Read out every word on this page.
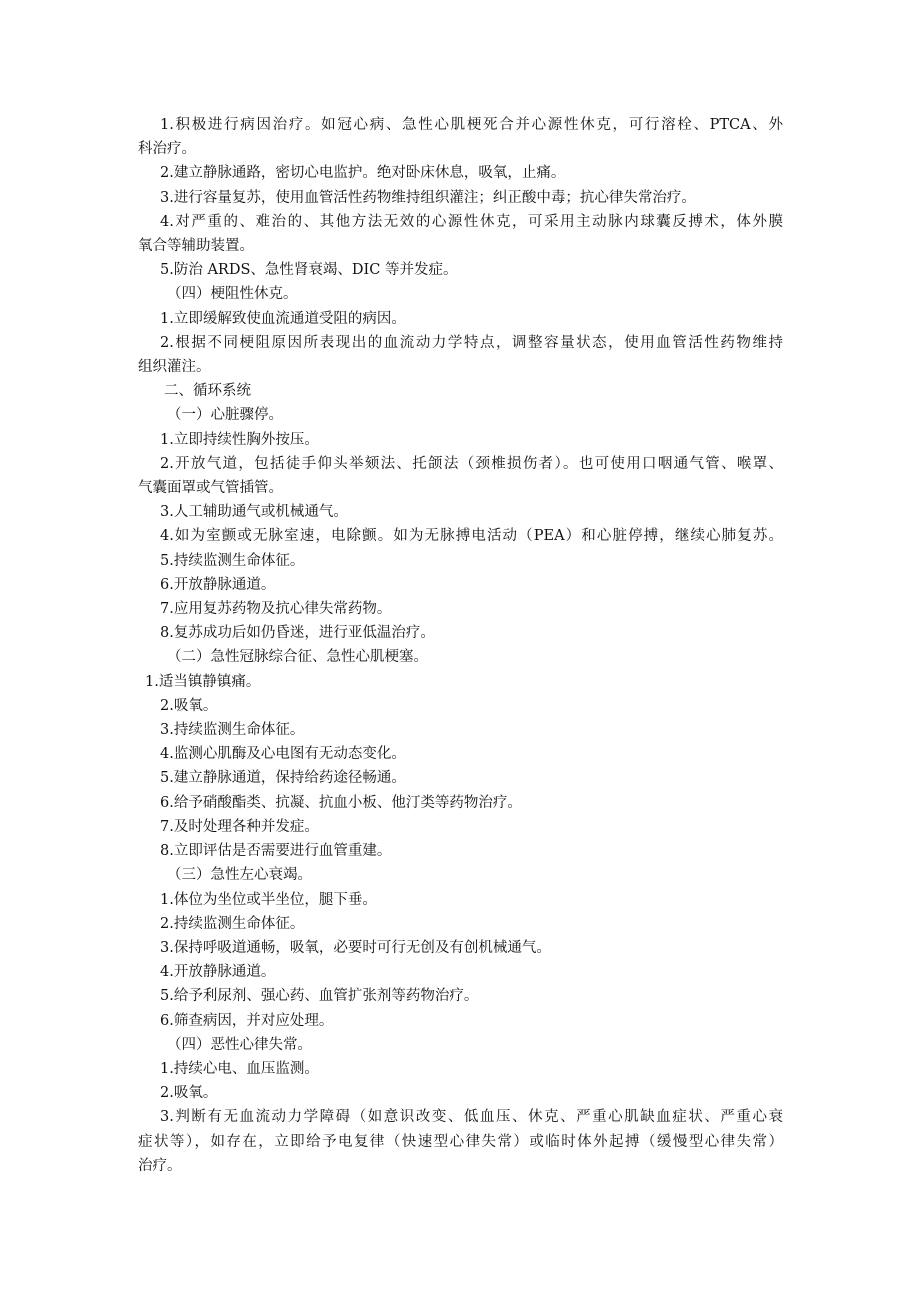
1.积极进行病因治疗。如冠心病、急性心肌梗死合并心源性休克，可行溶栓、PTCA、外
科治疗。
2.建立静脉通路，密切心电监护。绝对卧床休息，吸氧，止痛。
3.进行容量复苏，使用血管活性药物维持组织灌注；纠正酸中毒；抗心律失常治疗。
4.对严重的、难治的、其他方法无效的心源性休克，可采用主动脉内球囊反搏术，体外膜
氧合等辅助装置。
5.防治 ARDS、急性肾衰竭、DIC 等并发症。
（四）梗阻性休克。
1.立即缓解致使血流通道受阻的病因。
2.根据不同梗阻原因所表现出的血流动力学特点，调整容量状态，使用血管活性药物维持
组织灌注。
二、循环系统
（一）心脏骤停。
1.立即持续性胸外按压。
2.开放气道，包括徒手仰头举颏法、托颌法（颈椎损伤者）。也可使用口咽通气管、喉罩、
气囊面罩或气管插管。
3.人工辅助通气或机械通气。
4.如为室颤或无脉室速，电除颤。如为无脉搏电活动（PEA）和心脏停搏，继续心肺复苏。
5.持续监测生命体征。
6.开放静脉通道。
7.应用复苏药物及抗心律失常药物。
8.复苏成功后如仍昏迷，进行亚低温治疗。
（二）急性冠脉综合征、急性心肌梗塞。
1.适当镇静镇痛。
2.吸氧。
3.持续监测生命体征。
4.监测心肌酶及心电图有无动态变化。
5.建立静脉通道，保持给药途径畅通。
6.给予硝酸酯类、抗凝、抗血小板、他汀类等药物治疗。
7.及时处理各种并发症。
8.立即评估是否需要进行血管重建。
（三）急性左心衰竭。
1.体位为坐位或半坐位，腿下垂。
2.持续监测生命体征。
3.保持呼吸道通畅，吸氧，必要时可行无创及有创机械通气。
4.开放静脉通道。
5.给予利尿剂、强心药、血管扩张剂等药物治疗。
6.筛查病因，并对应处理。
（四）恶性心律失常。
1.持续心电、血压监测。
2.吸氧。
3.判断有无血流动力学障碍（如意识改变、低血压、休克、严重心肌缺血症状、严重心衰
症状等），如存在，立即给予电复律（快速型心律失常）或临时体外起搏（缓慢型心律失常）
治疗。
